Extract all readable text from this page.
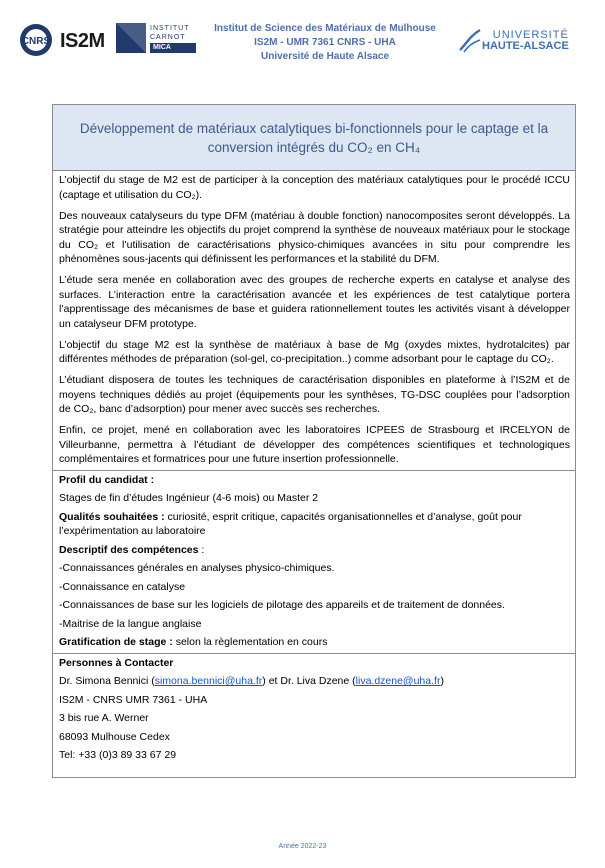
CNRS IS2M
INSTITUT
CARNOT
MICA
Institut de Science des Matériaux de Mulhouse
IS2M - UMR 7361 CNRS - UHA
Université de Haute Alsace
UNIVERSITÉ
HAUTE-ALSACE
Développement de matériaux catalytiques bi-fonctionnels pour le captage et la conversion intégrés du CO₂ en CH₄

L’objectif du stage de M2 est de participer à la conception des matériaux catalytiques pour le procédé ICCU (captage et utilisation du CO₂).

Des nouveaux catalyseurs du type DFM (matériau à double fonction) nanocomposites seront développés. La stratégie pour atteindre les objectifs du projet comprend la synthèse de nouveaux matériaux pour le stockage du CO₂ et l’utilisation de caractérisations physico-chimiques avancées in situ pour comprendre les phénomènes sous-jacents qui définissent les performances et la stabilité du DFM.

L’étude sera menée en collaboration avec des groupes de recherche experts en catalyse et analyse des surfaces. L’interaction entre la caractérisation avancée et les expériences de test catalytique portera l’apprentissage des mécanismes de base et guidera rationnellement toutes les activités visant à développer un catalyseur DFM prototype.

L’objectif du stage M2 est la synthèse de matériaux à base de Mg (oxydes mixtes, hydrotalcites) par différentes méthodes de préparation (sol-gel, co-precipitation..) comme adsorbant pour le captage du CO₂.

L’étudiant disposera de toutes les techniques de caractérisation disponibles en plateforme à l’IS2M et de moyens techniques dédiés au projet (équipements pour les synthèses, TG-DSC couplées pour l’adsorption de CO₂, banc d’adsorption) pour mener avec succès ses recherches.

Enfin, ce projet, mené en collaboration avec les laboratoires ICPEES de Strasbourg et IRCELYON de Villeurbanne, permettra à l’étudiant de développer des compétences scientifiques et technologiques complémentaires et formatrices pour une future insertion professionnelle.

Profil du candidat :
Stages de fin d’études Ingénieur (4-6 mois) ou Master 2
Qualités souhaitées : curiosité, esprit critique, capacités organisationnelles et d’analyse, goût pour l’expérimentation au laboratoire
Descriptif des compétences :
-Connaissances générales en analyses physico-chimiques.
-Connaissance en catalyse
-Connaissances de base sur les logiciels de pilotage des appareils et de traitement de données.
-Maitrise de la langue anglaise
Gratification de stage : selon la règlementation en cours
Personnes à Contacter
Dr. Simona Bennici (simona.bennici@uha.fr) et Dr. Liva Dzene (liva.dzene@uha.fr)
IS2M - CNRS UMR 7361 - UHA
3 bis rue A. Werner
68093 Mulhouse Cedex
Tel: +33 (0)3 89 33 67 29
Année 2022-23
